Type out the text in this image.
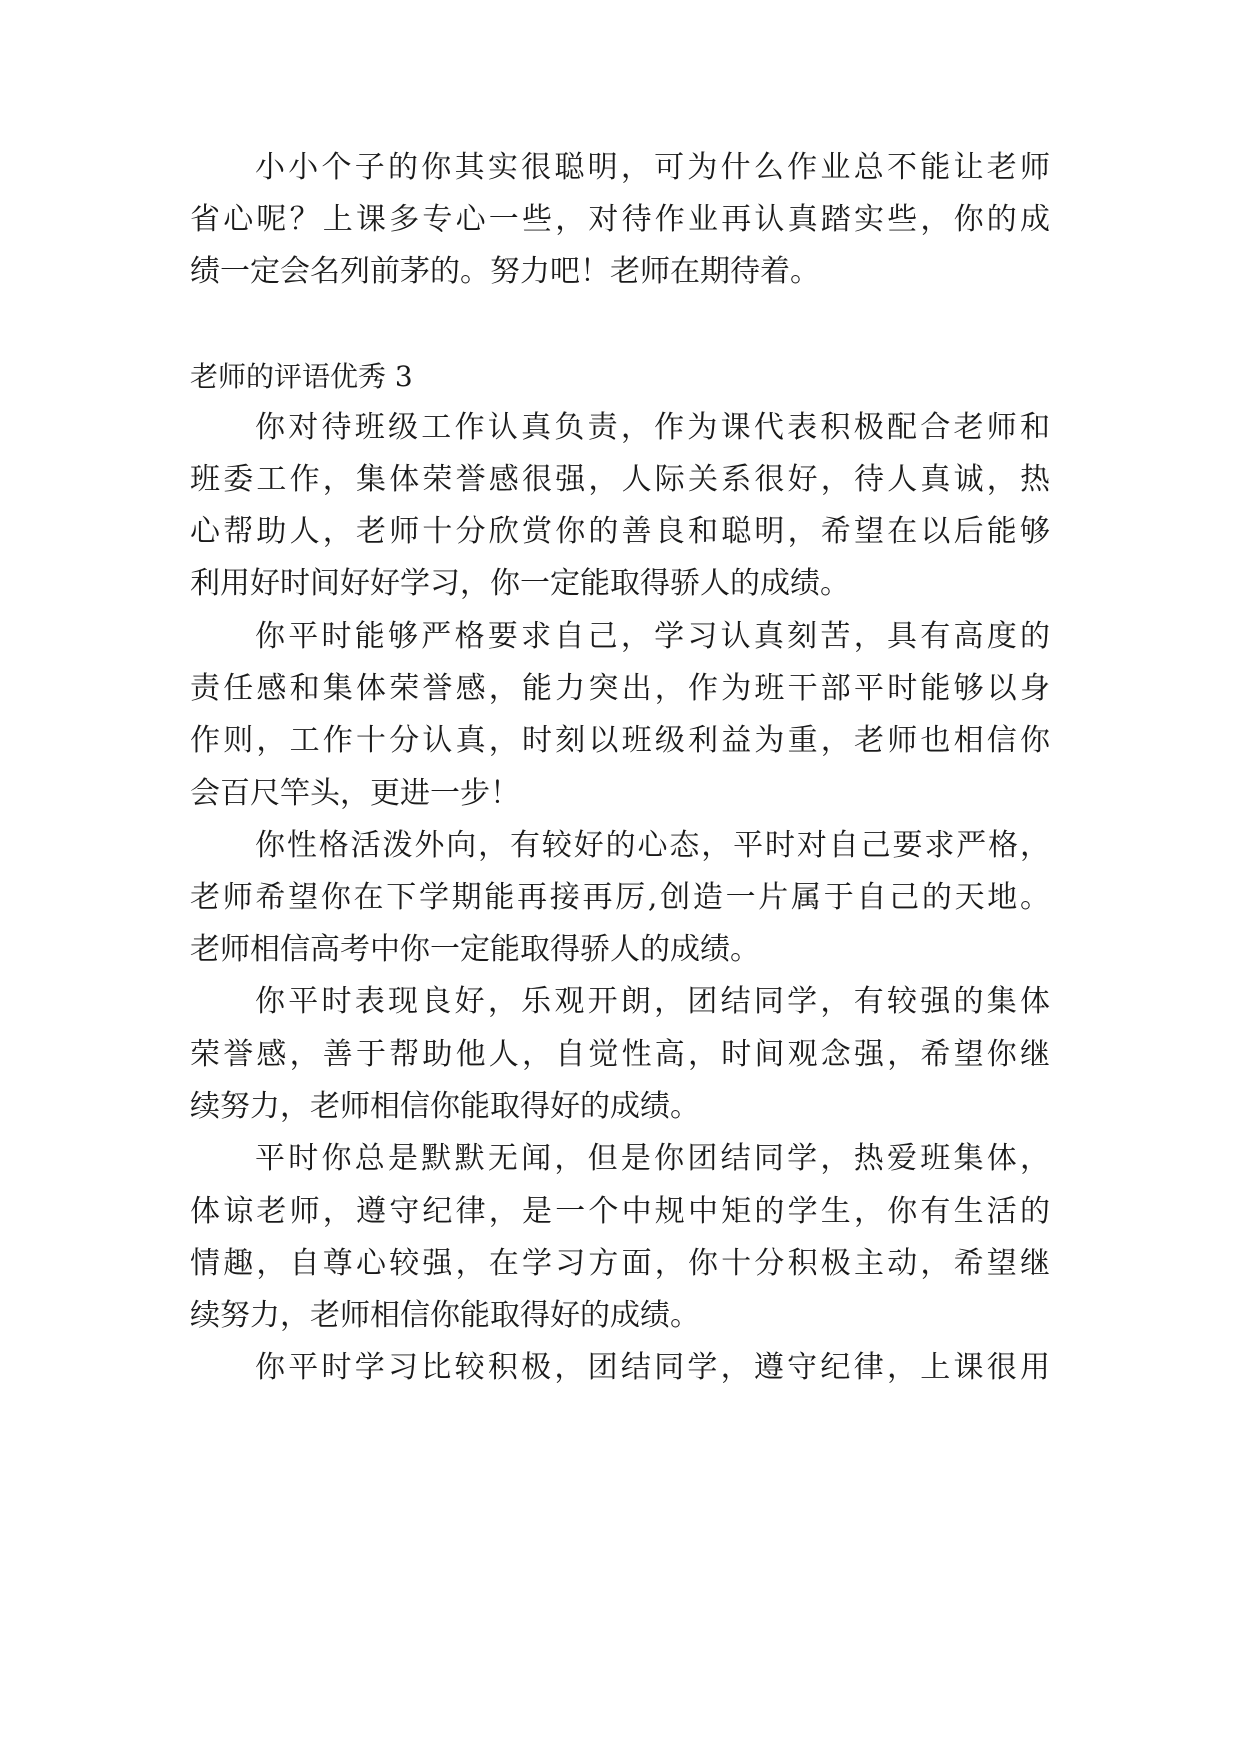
小小个子的你其实很聪明，可为什么作业总不能让老师
省心呢？上课多专心一些，对待作业再认真踏实些，你的成
绩一定会名列前茅的。努力吧！老师在期待着。
老师的评语优秀 3
你对待班级工作认真负责，作为课代表积极配合老师和
班委工作，集体荣誉感很强，人际关系很好，待人真诚，热
心帮助人，老师十分欣赏你的善良和聪明，希望在以后能够
利用好时间好好学习，你一定能取得骄人的成绩。
你平时能够严格要求自己，学习认真刻苦，具有高度的
责任感和集体荣誉感，能力突出，作为班干部平时能够以身
作则，工作十分认真，时刻以班级利益为重，老师也相信你
会百尺竿头，更进一步！
你性格活泼外向，有较好的心态，平时对自己要求严格，
老师希望你在下学期能再接再厉,创造一片属于自己的天地。
老师相信高考中你一定能取得骄人的成绩。
你平时表现良好，乐观开朗，团结同学，有较强的集体
荣誉感，善于帮助他人，自觉性高，时间观念强，希望你继
续努力，老师相信你能取得好的成绩。
平时你总是默默无闻，但是你团结同学，热爱班集体，
体谅老师，遵守纪律，是一个中规中矩的学生，你有生活的
情趣，自尊心较强，在学习方面，你十分积极主动，希望继
续努力，老师相信你能取得好的成绩。
你平时学习比较积极，团结同学，遵守纪律，上课很用
